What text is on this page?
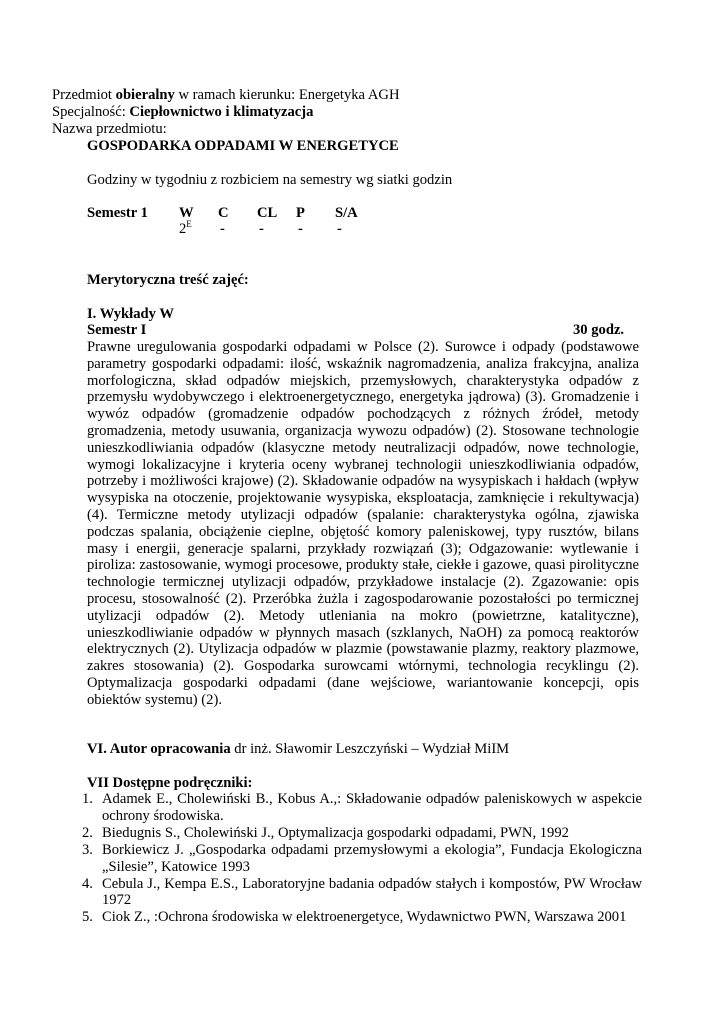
Przedmiot obieralny w ramach kierunku: Energetyka AGH
Specjalność: Ciepłownictwo i klimatyzacja
Nazwa przedmiotu:
GOSPODARKA ODPADAMI W ENERGETYCE
Godziny w tygodniu z rozbiciem na semestry wg siatki godzin
Semestr 1 W C CL P S/A
$2^E$ - - - -
Merytoryczna treść zajęć:
I. Wykłady W
Semestr I	30 godz.
Prawne uregulowania gospodarki odpadami w Polsce (2). Surowce i odpady (podstawowe parametry gospodarki odpadami: ilość, wskaźnik nagromadzenia, analiza frakcyjna, analiza morfologiczna, skład odpadów miejskich, przemysłowych, charakterystyka odpadów z przemysłu wydobywczego i elektroenergetycznego, energetyka jądrowa) (3). Gromadzenie i wywóz odpadów (gromadzenie odpadów pochodzących z różnych źródeł, metody gromadzenia, metody usuwania, organizacja wywozu odpadów) (2). Stosowane technologie unieszkodliwiania odpadów (klasyczne metody neutralizacji odpadów, nowe technologie, wymogi lokalizacyjne i kryteria oceny wybranej technologii unieszkodliwiania odpadów, potrzeby i możliwości krajowe) (2). Składowanie odpadów na wysypiskach i hałdach (wpływ wysypiska na otoczenie, projektowanie wysypiska, eksploatacja, zamknięcie i rekultywacja) (4). Termiczne metody utylizacji odpadów (spalanie: charakterystyka ogólna, zjawiska podczas spalania, obciążenie cieplne, objętość komory paleniskowej, typy rusztów, bilans masy i energii, generacje spalarni, przykłady rozwiązań (3); Odgazowanie: wytlewanie i piroliza: zastosowanie, wymogi procesowe, produkty stałe, ciekłe i gazowe, quasi pirolityczne technologie termicznej utylizacji odpadów, przykładowe instalacje (2). Zgazowanie: opis procesu, stosowalność (2). Przeróbka żużla i zagospodarowanie pozostałości po termicznej utylizacji odpadów (2). Metody utleniania na mokro (powietrzne, katalityczne), unieszkodliwianie odpadów w płynnych masach (szklanych, NaOH) za pomocą reaktorów elektrycznych (2). Utylizacja odpadów w plazmie (powstawanie plazmy, reaktory plazmowe, zakres stosowania) (2). Gospodarka surowcami wtórnymi, technologia recyklingu (2). Optymalizacja gospodarki odpadami (dane wejściowe, wariantowanie koncepcji, opis obiektów systemu) (2).
VI. Autor opracowania dr inż. Sławomir Leszczyński – Wydział MiIM
VII Dostępne podręczniki:
1. Adamek E., Cholewiński B., Kobus A.,: Składowanie odpadów paleniskowych w aspekcie ochrony środowiska.
2. Biedugnis S., Cholewiński J., Optymalizacja gospodarki odpadami, PWN, 1992
3. Borkiewicz J. „Gospodarka odpadami przemysłowymi a ekologia”, Fundacja Ekologiczna „Silesie”, Katowice 1993
4. Cebula J., Kempa E.S., Laboratoryjne badania odpadów stałych i kompostów, PW Wrocław 1972
5. Ciok Z., :Ochrona środowiska w elektroenergetyce, Wydawnictwo PWN, Warszawa 2001
